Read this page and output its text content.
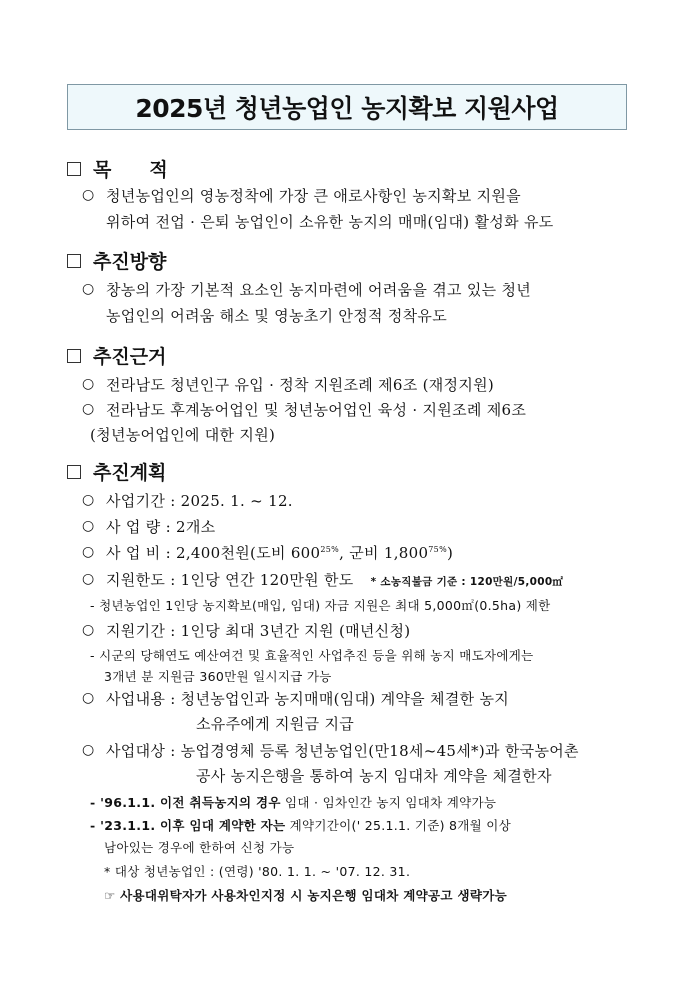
2025년 청년농업인 농지확보 지원사업
목　　적
○ 청년농업인의 영농정착에 가장 큰 애로사항인 농지확보 지원을
위하여 전업 · 은퇴 농업인이 소유한 농지의 매매(임대) 활성화 유도
추진방향
○ 창농의 가장 기본적 요소인 농지마련에 어려움을 겪고 있는 청년
농업인의 어려움 해소 및 영농초기 안정적 정착유도
추진근거
○ 전라남도 청년인구 유입 · 정착 지원조례 제6조 (재정지원)
○ 전라남도 후계농어업인 및 청년농어업인 육성 · 지원조례 제6조
(청년농어업인에 대한 지원)
추진계획
○ 사업기간 : 2025. 1. ~ 12.
○ 사 업 량 : 2개소
○ 사 업 비 : 2,400천원(도비 $600^{25\%}$, 군비 $1,800^{75\%}$)
○ 지원한도 : 1인당 연간 120만원 한도 * 소농직불금 기준 : 120만원/5,000㎡
- 청년농업인 1인당 농지확보(매입, 임대) 자금 지원은 최대 5,000㎡(0.5ha) 제한
○ 지원기간 : 1인당 최대 3년간 지원 (매년신청)
- 시군의 당해연도 예산여건 및 효율적인 사업추진 등을 위해 농지 매도자에게는
3개년 분 지원금 360만원 일시지급 가능
○ 사업내용 : 청년농업인과 농지매매(임대) 계약을 체결한 농지
소유주에게 지원금 지급
○ 사업대상 : 농업경영체 등록 청년농업인(만18세~45세*)과 한국농어촌
공사 농지은행을 통하여 농지 임대차 계약을 체결한자
- '96.1.1. 이전 취득농지의 경우 임대 · 임차인간 농지 임대차 계약가능
- '23.1.1. 이후 임대 계약한 자는 계약기간이(' 25.1.1. 기준) 8개월 이상
남아있는 경우에 한하여 신청 가능
* 대상 청년농업인 : (연령) '80. 1. 1. ~ '07. 12. 31.
☞ 사용대위탁자가 사용차인지정 시 농지은행 임대차 계약공고 생략가능
